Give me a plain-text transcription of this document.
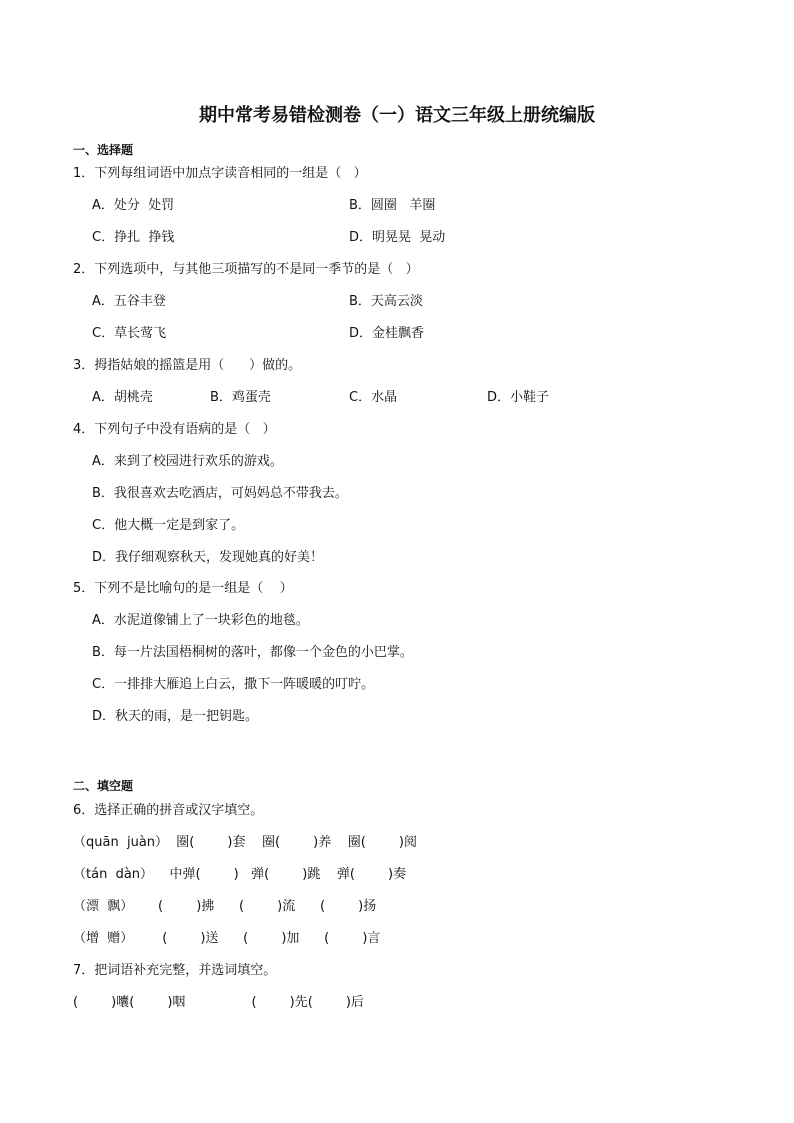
期中常考易错检测卷（一）语文三年级上册统编版
一、选择题
1．下列每组词语中加点字读音相同的一组是（   ）
A．处分  处罚	B．圆圈   羊圈
C．挣扎  挣钱	D．明晃晃  晃动
2．下列选项中，与其他三项描写的不是同一季节的是（   ）
A．五谷丰登	B．天高云淡
C．草长莺飞	D．金桂飘香
3．拇指姑娘的摇篮是用（      ）做的。
A．胡桃壳	B．鸡蛋壳	C．水晶	D．小鞋子
4．下列句子中没有语病的是（   ）
A．来到了校园进行欢乐的游戏。
B．我很喜欢去吃酒店，可妈妈总不带我去。
C．他大概一定是到家了。
D．我仔细观察秋天，发现她真的好美！
5．下列不是比喻句的是一组是（    ）
A．水泥道像铺上了一块彩色的地毯。
B．每一片法国梧桐树的落叶，都像一个金色的小巴掌。
C．一排排大雁追上白云，撒下一阵暖暖的叮咛。
D．秋天的雨，是一把钥匙。
二、填空题
6．选择正确的拼音或汉字填空。
（quān  juàn）  圈(        )套    圈(        )养    圈(        )阅
（tán  dàn）    中弹(        )   弹(        )跳    弹(        )奏
（漂  飘）      (        )拂      (        )流      (        )扬
（增  赠）       (        )送      (        )加      (        )言
7．把词语补充完整，并选词填空。
(        )囔(        )咽                (        )先(        )后
